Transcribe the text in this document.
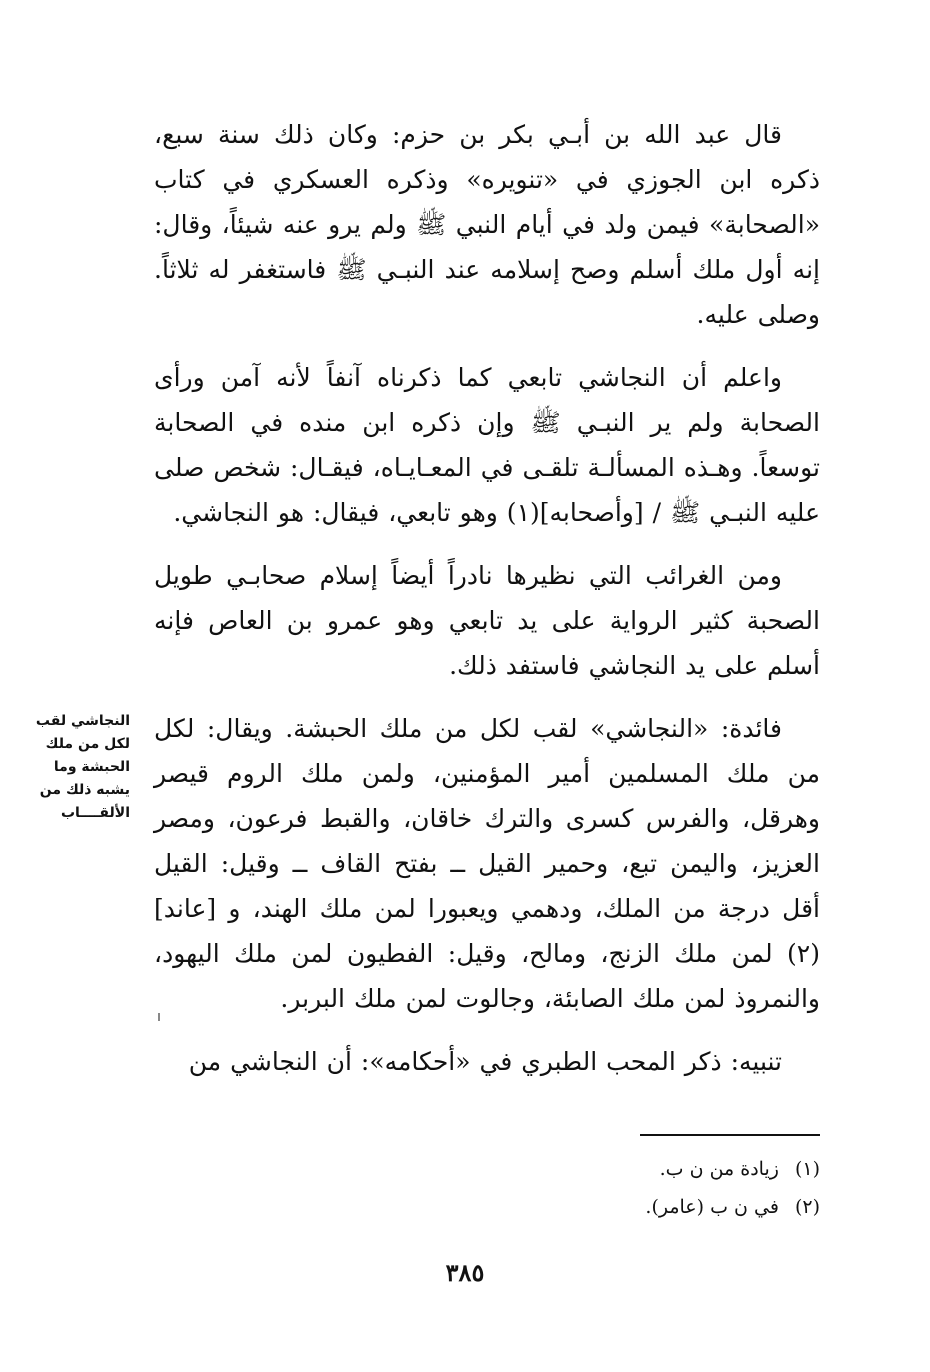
قال عبد الله بن أبـي بكر بن حزم: وكان ذلك سنة سبع، ذكره ابن الجوزي في «تنويره» وذكره العسكري في كتاب «الصحابة» فيمن ولد في أيام النبي ﷺ ولم يرو عنه شيئاً، وقال: إنه أول ملك أسلم وصح إسلامه عند النبـي ﷺ فاستغفر له ثلاثاً. وصلى عليه.

واعلم أن النجاشي تابعي كما ذكرناه آنفاً لأنه آمن ورأى الصحابة ولم ير النبـي ﷺ وإن ذكره ابن منده في الصحابة توسعاً. وهـذه المسألـة تلقـى في المعـايـاه، فيقـال: شخص صلى عليه النبـي ﷺ / [وأصحابه](١) وهو تابعي، فيقال: هو النجاشي.

ومن الغرائب التي نظيرها نادراً أيضاً إسلام صحابـي طويل الصحبة كثير الرواية على يد تابعي وهو عمرو بن العاص فإنه أسلم على يد النجاشي فاستفد ذلك.

فائدة: «النجاشي» لقب لكل من ملك الحبشة. ويقال: لكل من ملك المسلمين أمير المؤمنين، ولمن ملك الروم قيصر وهرقل، والفرس كسرى والترك خاقان، والقبط فرعون، ومصر العزيز، واليمن تبع، وحمير القيل ــ بفتح القاف ــ وقيل: القيل أقل درجة من الملك، ودهمي ويعبورا لمن ملك الهند، و [عاند](٢) لمن ملك الزنج، ومالح، وقيل: الفطيون لمن ملك اليهود، والنمروذ لمن ملك الصابئة، وجالوت لمن ملك البربر.

تنبيه: ذكر المحب الطبري في «أحكامه»: أن النجاشي من

النجاشي لقب لكل من ملك الحبشة وما يشبه ذلك من الألقــــاب
(١)زيادة من ن ب.
(٢)في ن ب (عامر).
٣٨٥
